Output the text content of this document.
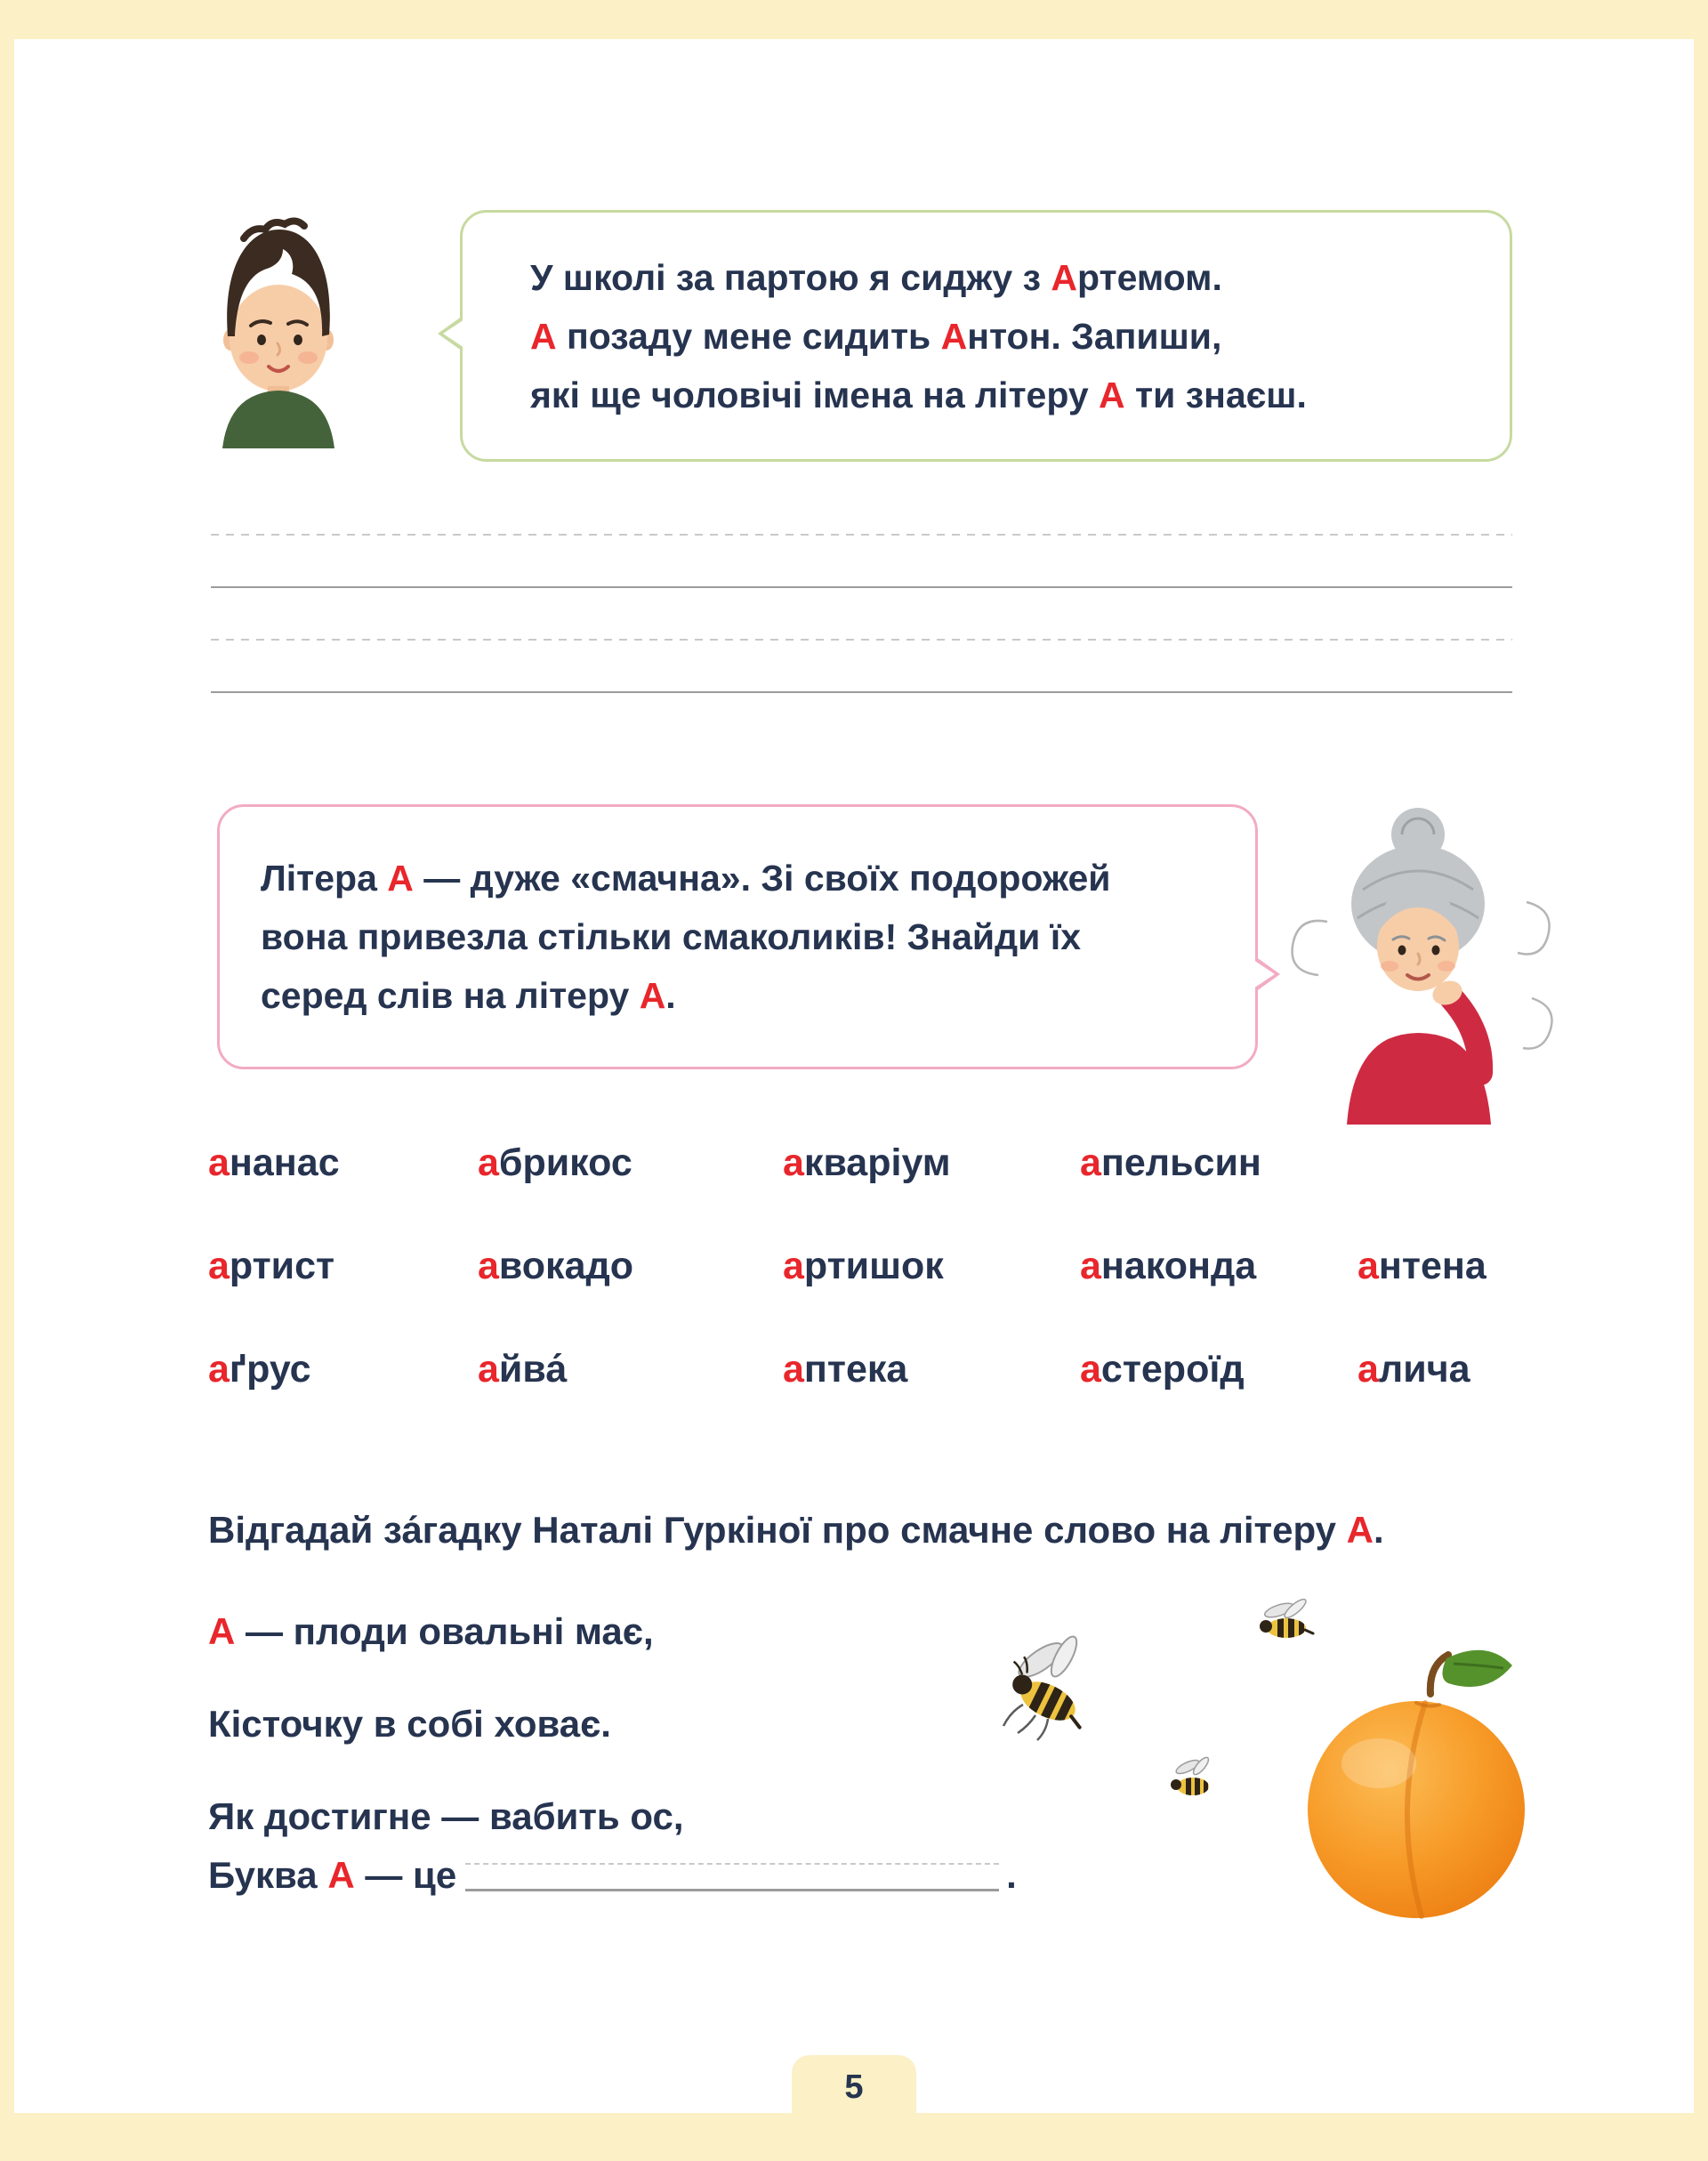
У школі за партою я сиджу з Артемом.
А позаду мене сидить Антон. Запиши,
які ще чоловічі імена на літеру А ти знаєш.
Літера А — дуже «смачна». Зі своїх подорожей
вона привезла стільки смаколиків! Знайди їх
серед слів на літеру А.
ананас	абрикос	акваріум	апельсин
артист	авокадо	артишок	анаконда	антена
аґрус	айва́	аптека	астероїд	алича
Відгадай за́гадку Наталі Гуркіної про смачне слово на літеру А.
А — плоди овальні має,
Кісточку в собі ховає.
Як достигне — вабить ос,
Буква А — це	.
5
